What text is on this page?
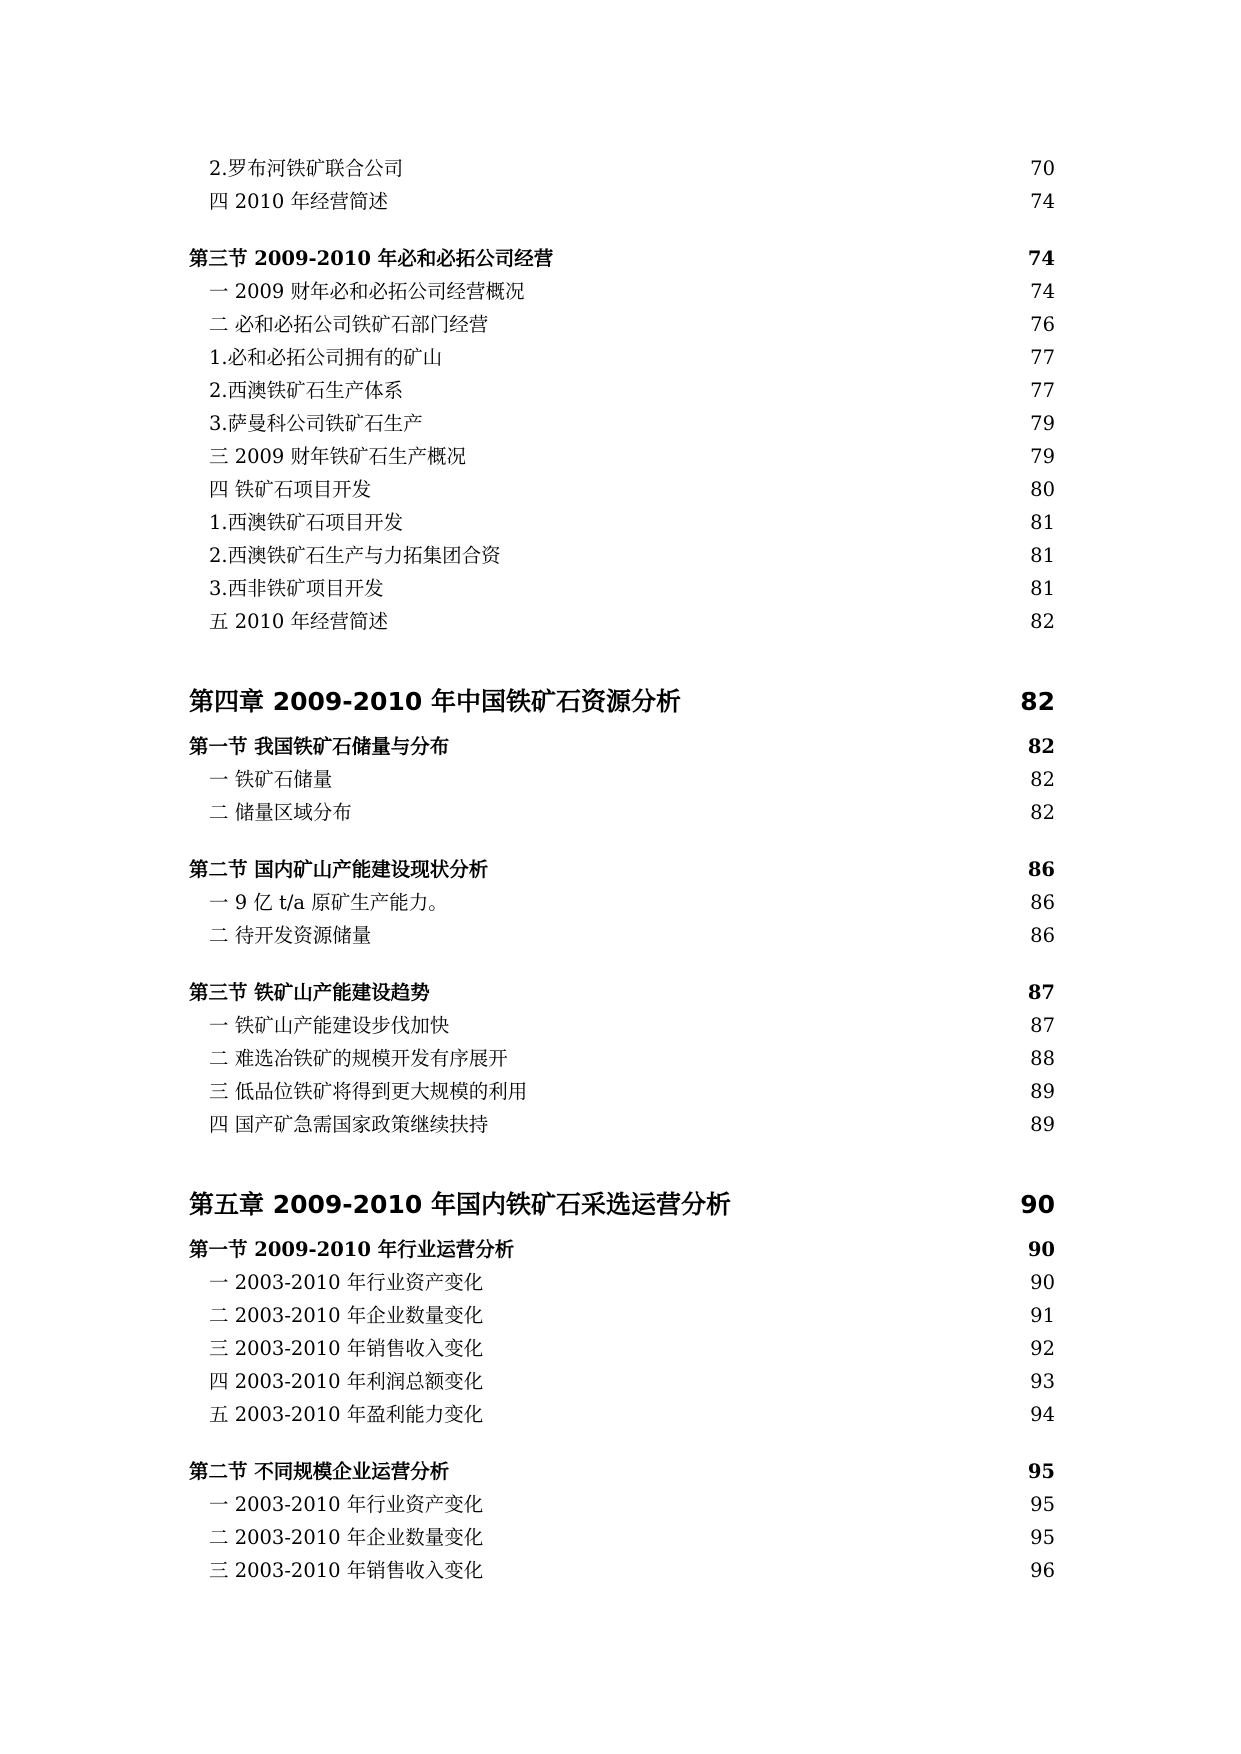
2.罗布河铁矿联合公司	70
四 2010 年经营简述	74
第三节 2009-2010 年必和必拓公司经营	74
一 2009 财年必和必拓公司经营概况	74
二 必和必拓公司铁矿石部门经营	76
1.必和必拓公司拥有的矿山	77
2.西澳铁矿石生产体系	77
3.萨曼科公司铁矿石生产	79
三 2009 财年铁矿石生产概况	79
四 铁矿石项目开发	80
1.西澳铁矿石项目开发	81
2.西澳铁矿石生产与力拓集团合资	81
3.西非铁矿项目开发	81
五 2010 年经营简述	82
第四章 2009-2010 年中国铁矿石资源分析	82
第一节 我国铁矿石储量与分布	82
一 铁矿石储量	82
二 储量区域分布	82
第二节 国内矿山产能建设现状分析	86
一 9 亿 t/a 原矿生产能力。	86
二 待开发资源储量	86
第三节 铁矿山产能建设趋势	87
一 铁矿山产能建设步伐加快	87
二 难选冶铁矿的规模开发有序展开	88
三 低品位铁矿将得到更大规模的利用	89
四 国产矿急需国家政策继续扶持	89
第五章 2009-2010 年国内铁矿石采选运营分析	90
第一节 2009-2010 年行业运营分析	90
一 2003-2010 年行业资产变化	90
二 2003-2010 年企业数量变化	91
三 2003-2010 年销售收入变化	92
四 2003-2010 年利润总额变化	93
五 2003-2010 年盈利能力变化	94
第二节 不同规模企业运营分析	95
一 2003-2010 年行业资产变化	95
二 2003-2010 年企业数量变化	95
三 2003-2010 年销售收入变化	96
